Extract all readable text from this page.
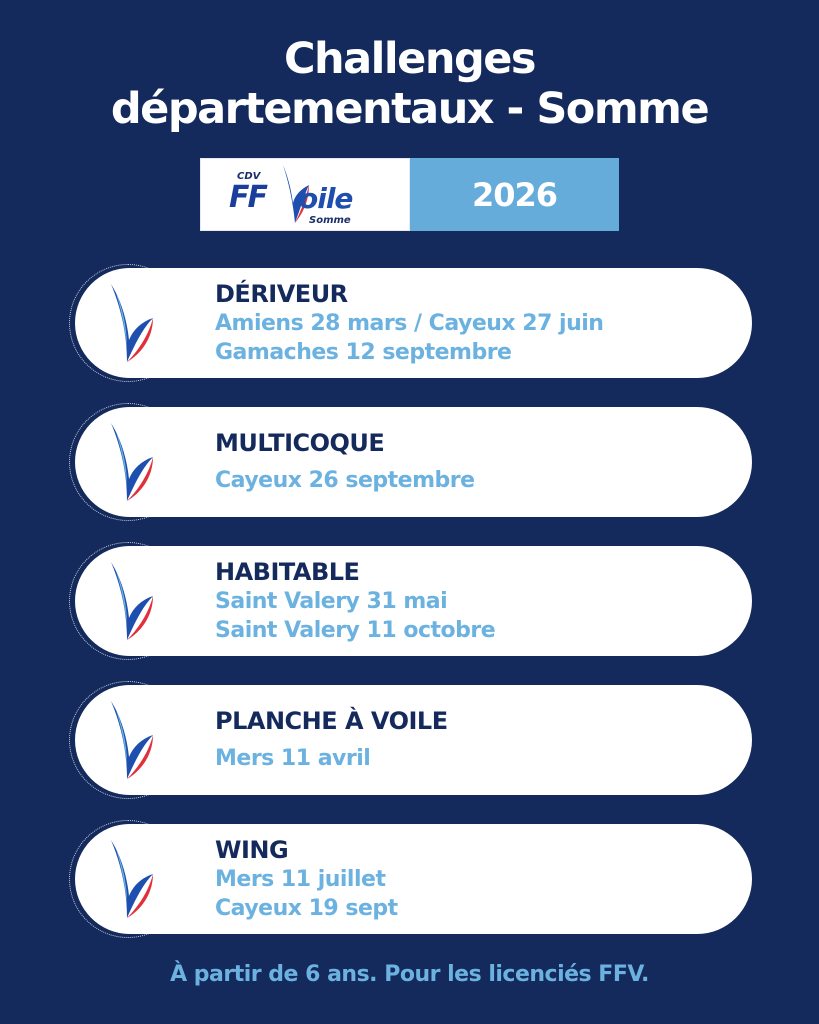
Challenges
départementaux - Somme
CDV
FF oile
Somme
2026
DÉRIVEUR
Amiens 28 mars / Cayeux 27 juin
Gamaches 12 septembre
MULTICOQUE
Cayeux 26 septembre
HABITABLE
Saint Valery 31 mai
Saint Valery 11 octobre
PLANCHE À VOILE
Mers 11 avril
WING
Mers 11 juillet
Cayeux 19 sept
À partir de 6 ans. Pour les licenciés FFV.
